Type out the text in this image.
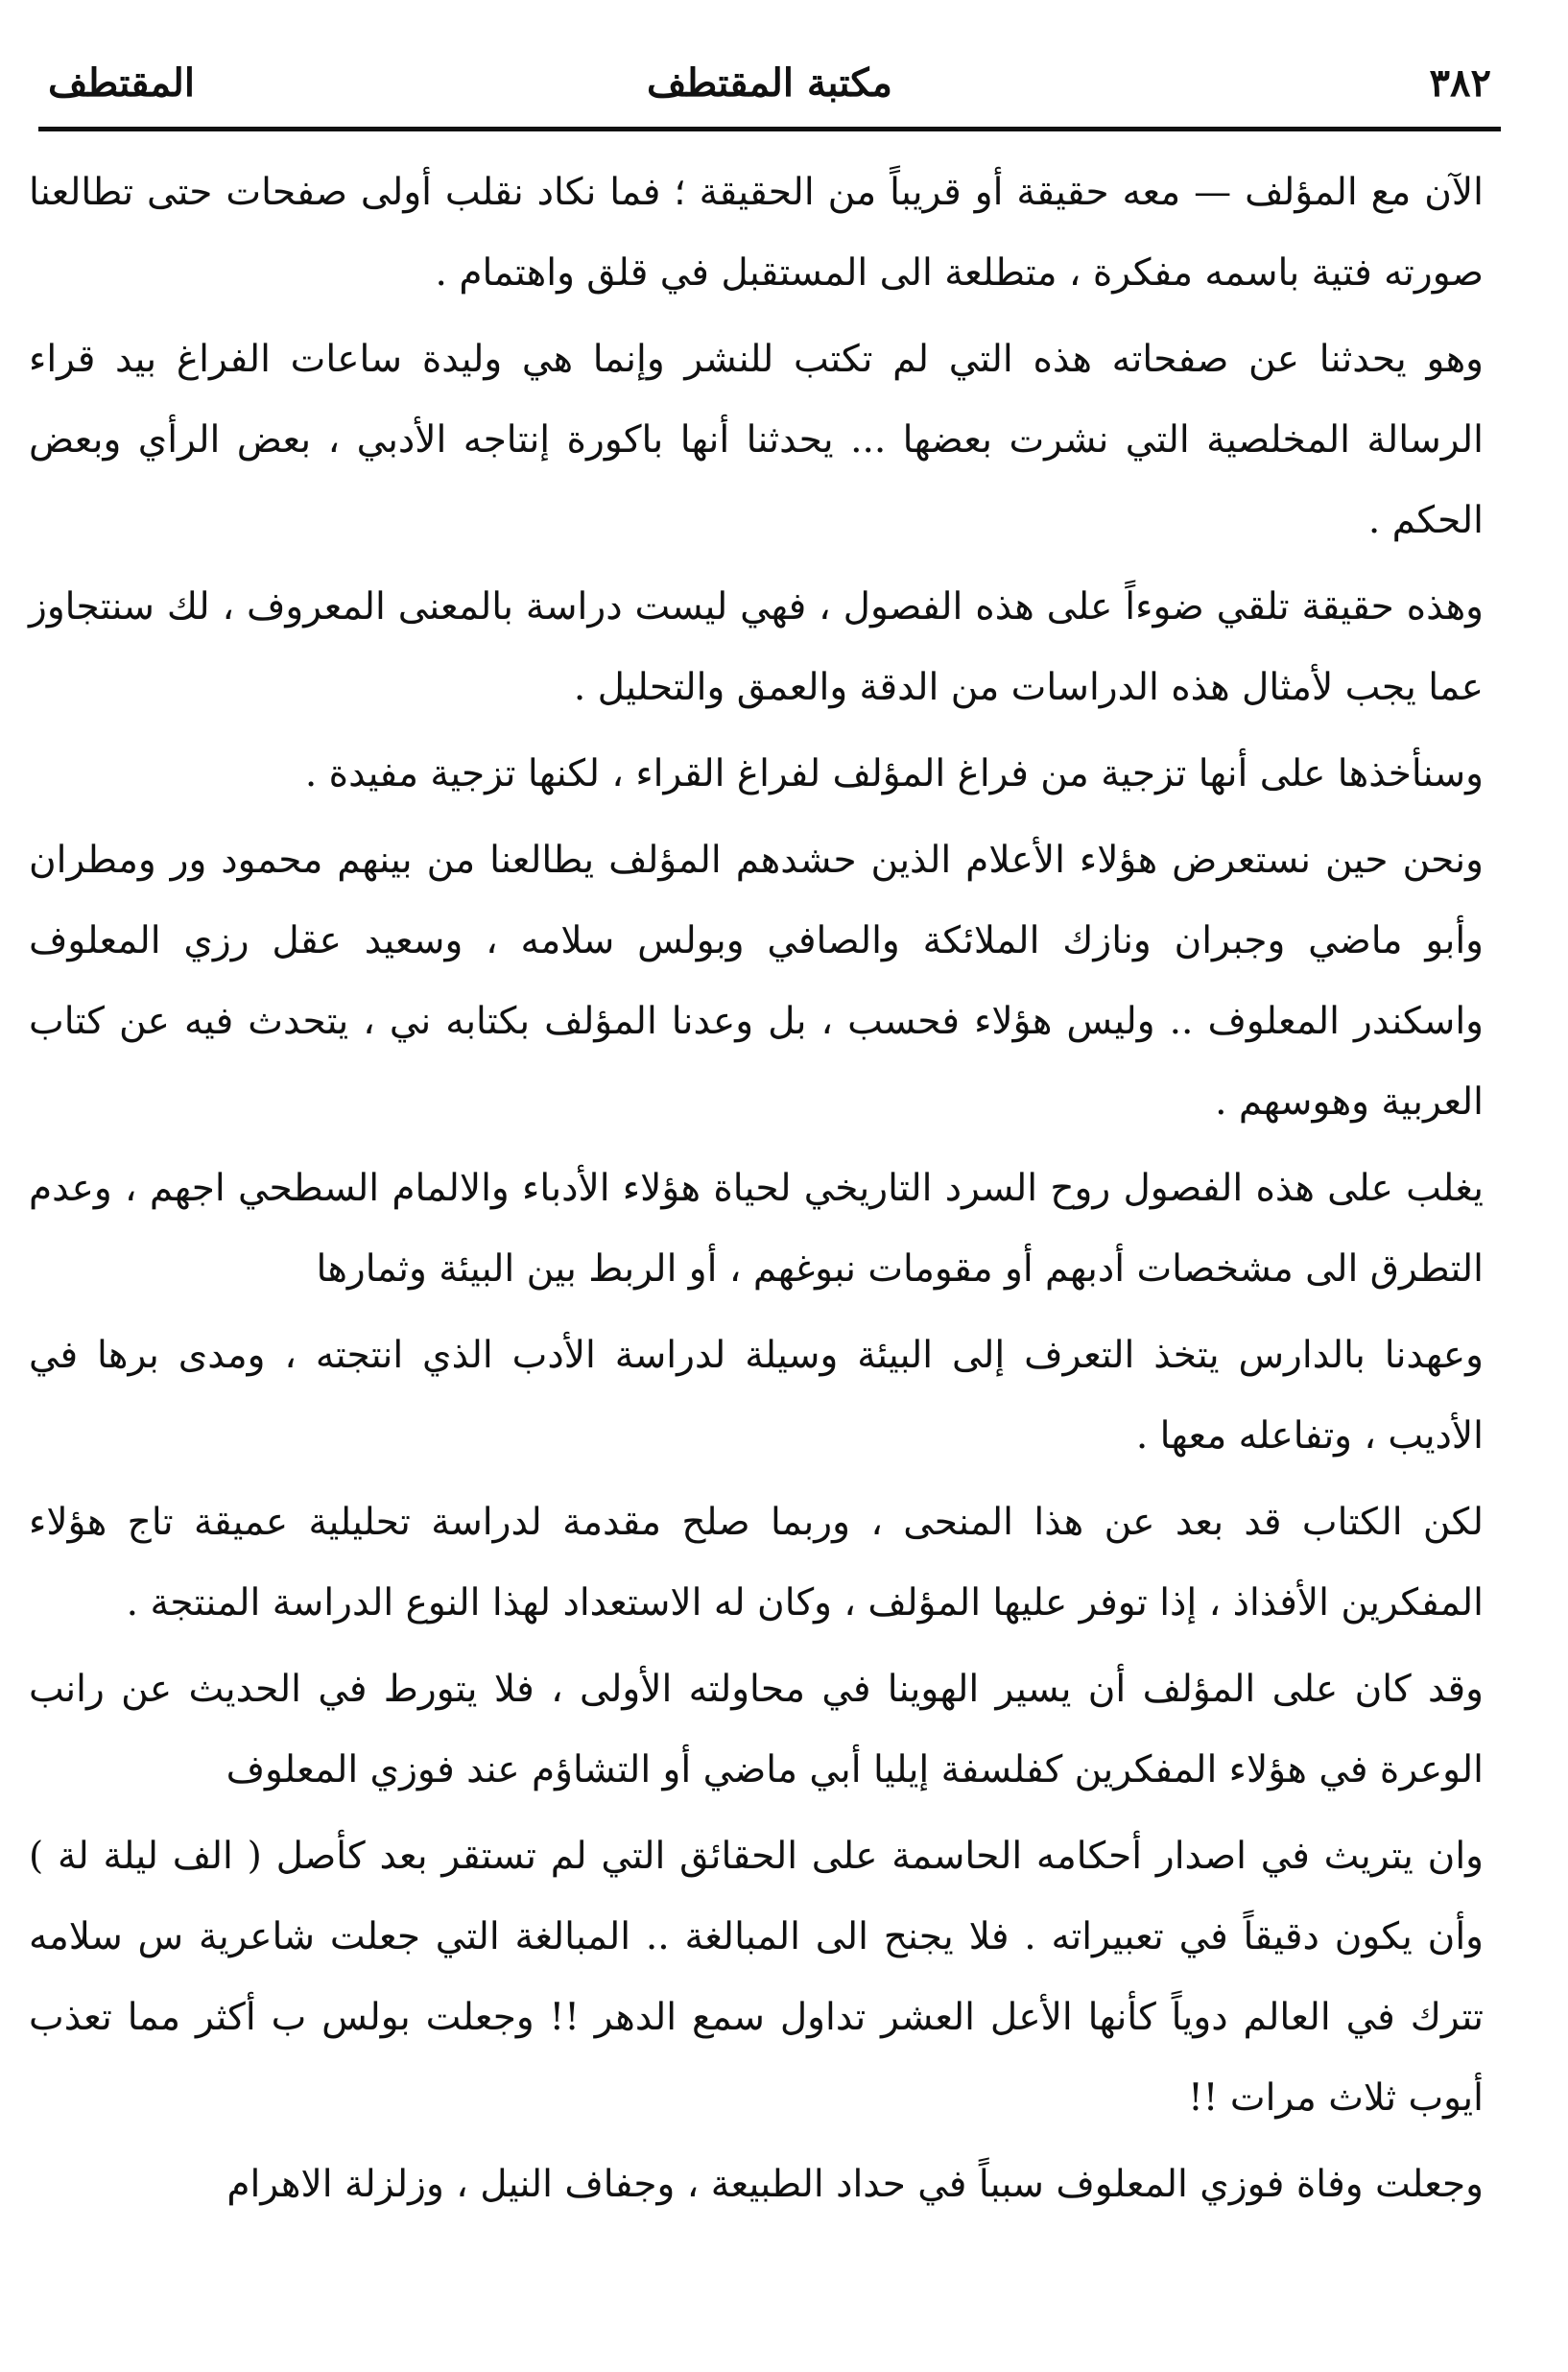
٣٨٢
مكتبة المقتطف
المقتطف

الآن مع المؤلف — معه حقيقة أو قريباً من الحقيقة ؛ فما نكاد نقلب أولى صفحات حتى تطالعنا صورته فتية باسمه مفكرة ، متطلعة الى المستقبل في قلق واهتمام .

وهو يحدثنا عن صفحاته هذه التي لم تكتب للنشر وإنما هي وليدة ساعات الفراغ بيد قراء الرسالة المخلصية التي نشرت بعضها ... يحدثنا أنها باكورة إنتاجه الأدبي ، بعض الرأي وبعض الحكم .

وهذه حقيقة تلقي ضوءاً على هذه الفصول ، فهي ليست دراسة بالمعنى المعروف ، لك سنتجاوز عما يجب لأمثال هذه الدراسات من الدقة والعمق والتحليل .

وسنأخذها على أنها تزجية من فراغ المؤلف لفراغ القراء ، لكنها تزجية مفيدة .

ونحن حين نستعرض هؤلاء الأعلام الذين حشدهم المؤلف يطالعنا من بينهم محمود ور ومطران وأبو ماضي وجبران ونازك الملائكة والصافي وبولس سلامه ، وسعيد عقل رزي المعلوف واسكندر المعلوف .. وليس هؤلاء فحسب ، بل وعدنا المؤلف بكتابه ني ، يتحدث فيه عن كتاب العربية وهوسهم .

يغلب على هذه الفصول روح السرد التاريخي لحياة هؤلاء الأدباء والالمام السطحي اجهم ، وعدم التطرق الى مشخصات أدبهم أو مقومات نبوغهم ، أو الربط بين البيئة وثمارها

وعهدنا بالدارس يتخذ التعرف إلى البيئة وسيلة لدراسة الأدب الذي انتجته ، ومدى برها في الأديب ، وتفاعله معها .

لكن الكتاب قد بعد عن هذا المنحى ، وربما صلح مقدمة لدراسة تحليلية عميقة تاج هؤلاء المفكرين الأفذاذ ، إذا توفر عليها المؤلف ، وكان له الاستعداد لهذا النوع الدراسة المنتجة .

وقد كان على المؤلف أن يسير الهوينا في محاولته الأولى ، فلا يتورط في الحديث عن رانب الوعرة في هؤلاء المفكرين كفلسفة إيليا أبي ماضي أو التشاؤم عند فوزي المعلوف

وان يتريث في اصدار أحكامه الحاسمة على الحقائق التي لم تستقر بعد كأصل ( الف ليلة لة ) وأن يكون دقيقاً في تعبيراته . فلا يجنح الى المبالغة .. المبالغة التي جعلت شاعرية س سلامه تترك في العالم دوياً كأنها الأعل العشر تداول سمع الدهر !! وجعلت بولس ب أكثر مما تعذب أيوب ثلاث مرات !!

وجعلت وفاة فوزي المعلوف سبباً في حداد الطبيعة ، وجفاف النيل ، وزلزلة الاهرام
